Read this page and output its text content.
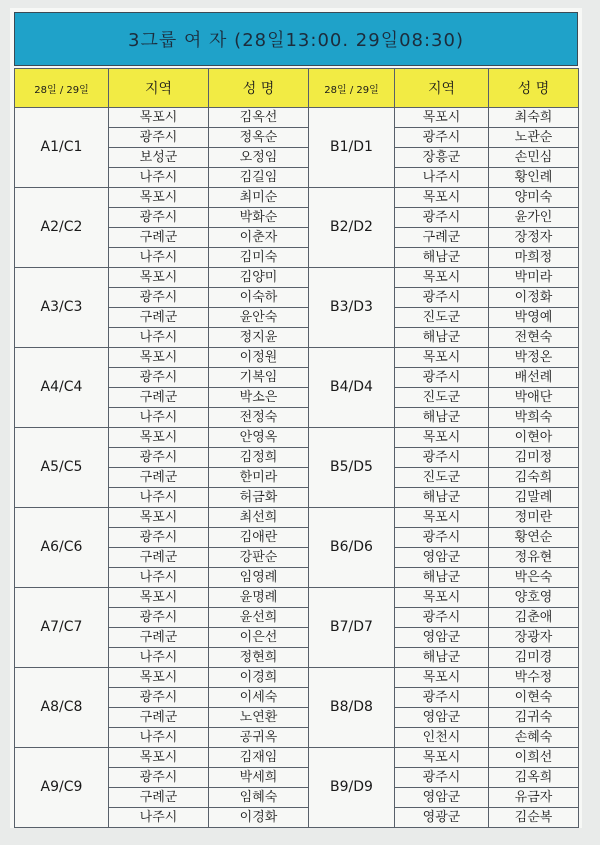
3그룹 여 자 (28일13:00. 29일08:30)
28일 / 29일	지역	성 명	28일 / 29일	지역	성 명
A1/C1	목포시	김옥선	B1/D1	목포시	최숙희
	광주시	정옥순		광주시	노관순
	보성군	오정임		장흥군	손민심
	나주시	김길임		나주시	황인례
A2/C2	목포시	최미순	B2/D2	목포시	양미숙
	광주시	박화순		광주시	윤가인
	구례군	이춘자		구례군	장정자
	나주시	김미숙		해남군	마희정
A3/C3	목포시	김양미	B3/D3	목포시	박미라
	광주시	이숙하		광주시	이정화
	구례군	윤안숙		진도군	박영예
	나주시	정지윤		해남군	전현숙
A4/C4	목포시	이정원	B4/D4	목포시	박정온
	광주시	기복임		광주시	배선례
	구례군	박소은		진도군	박애단
	나주시	전정숙		해남군	박희숙
A5/C5	목포시	안영옥	B5/D5	목포시	이현아
	광주시	김정희		광주시	김미정
	구례군	한미라		진도군	김숙희
	나주시	허금화		해남군	김말례
A6/C6	목포시	최선희	B6/D6	목포시	정미란
	광주시	김애란		광주시	황연순
	구례군	강판순		영암군	정유현
	나주시	임영례		해남군	박은숙
A7/C7	목포시	윤명례	B7/D7	목포시	양호영
	광주시	윤선희		광주시	김춘애
	구례군	이은선		영암군	장광자
	나주시	정현희		해남군	김미경
A8/C8	목포시	이경희	B8/D8	목포시	박수정
	광주시	이세숙		광주시	이현숙
	구례군	노연환		영암군	김귀숙
	나주시	공귀옥		인천시	손혜숙
A9/C9	목포시	김재임	B9/D9	목포시	이희선
	광주시	박세희		광주시	김옥희
	구례군	임혜숙		영암군	유금자
	나주시	이경화		영광군	김순복
